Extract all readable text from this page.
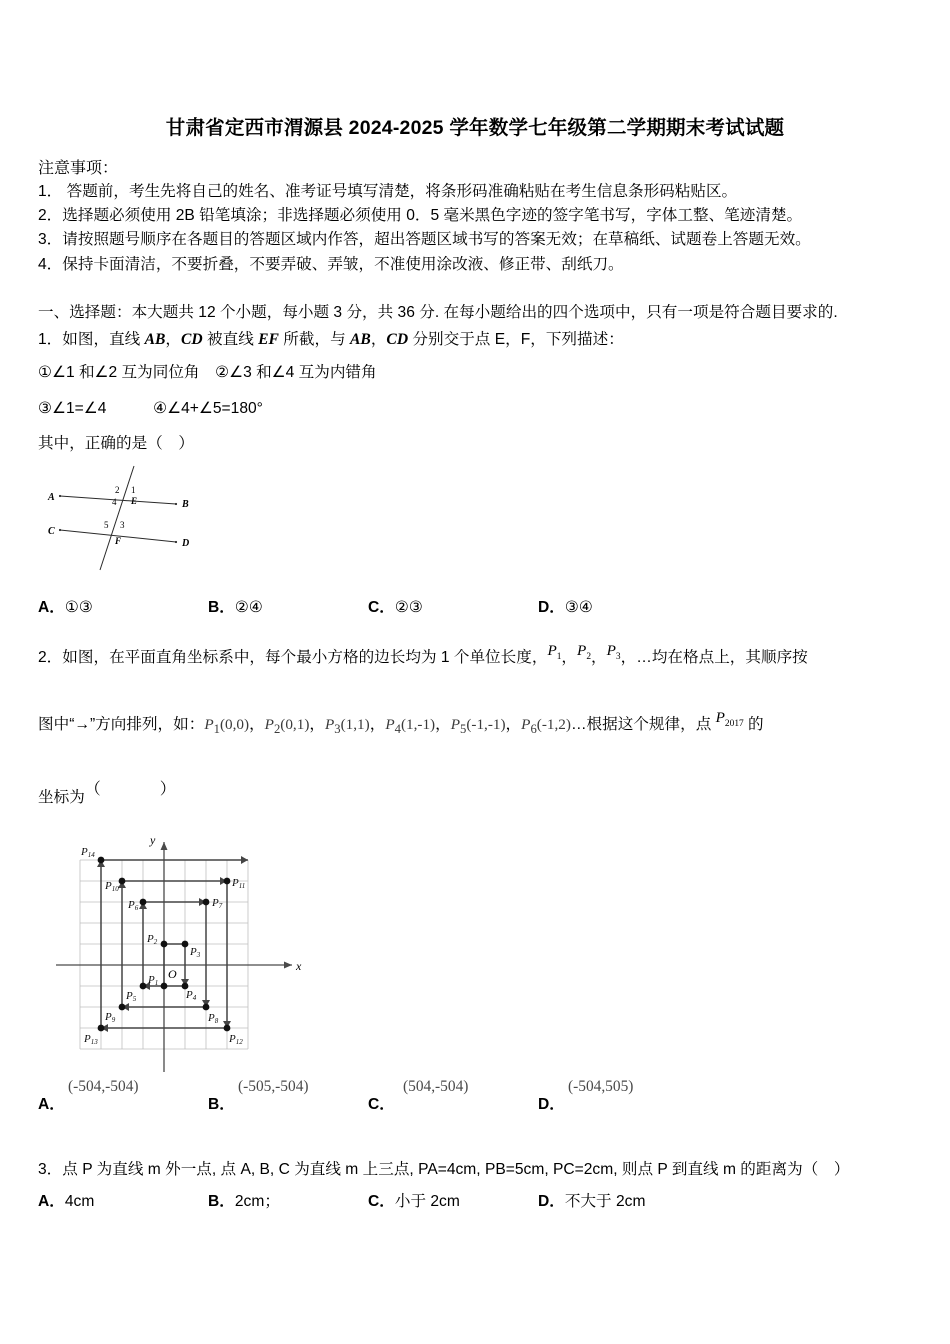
甘肃省定西市渭源县 2024-2025 学年数学七年级第二学期期末考试试题
注意事项：
1． 答题前，考生先将自己的姓名、准考证号填写清楚，将条形码准确粘贴在考生信息条形码粘贴区。
2．选择题必须使用 2B 铅笔填涂；非选择题必须使用 0．5 毫米黑色字迹的签字笔书写，字体工整、笔迹清楚。
3．请按照题号顺序在各题目的答题区域内作答，超出答题区域书写的答案无效；在草稿纸、试题卷上答题无效。
4．保持卡面清洁，不要折叠，不要弄破、弄皱，不准使用涂改液、修正带、刮纸刀。
一、选择题：本大题共 12 个小题，每小题 3 分，共 36 分. 在每小题给出的四个选项中，只有一项是符合题目要求的.
1．如图，直线 AB，CD 被直线 EF 所截，与 AB，CD 分别交于点 E，F，下列描述：
①∠1 和∠2 互为同位角　②∠3 和∠4 互为内错角
③∠1=∠4　　　④∠4+∠5=180°
其中，正确的是（　）
A
B
C
D
E
F
2 1
4
5 3
A．①③	B．②④	C．②③	D．③④
2．如图，在平面直角坐标系中，每个最小方格的边长均为 1 个单位长度，$P_1$，$P_2$，$P_3$，…均在格点上，其顺序按
图中“→”方向排列，如：$P_1(0,0)$，$P_2(0,1)$，$P_3(1,1)$，$P_4(1,-1)$，$P_5(-1,-1)$，$P_6(-1,2)\dots$根据这个规律，点 $P_{2017}$ 的
坐标为（　　）
x
y
O
P1
P2
P3
P4
P5
P6	P7
P8
P9
P10	P11
P12
P13
P14
A．
(-504,-504)
B．
(-505,-504)
C．
(504,-504)
D．
(-504,505)
3．点 P 为直线 m 外一点, 点 A, B, C 为直线 m 上三点, PA=4cm, PB=5cm, PC=2cm, 则点 P 到直线 m 的距离为（　）
A．4cm	B．2cm；	C．小于 2cm	D．不大于 2cm
